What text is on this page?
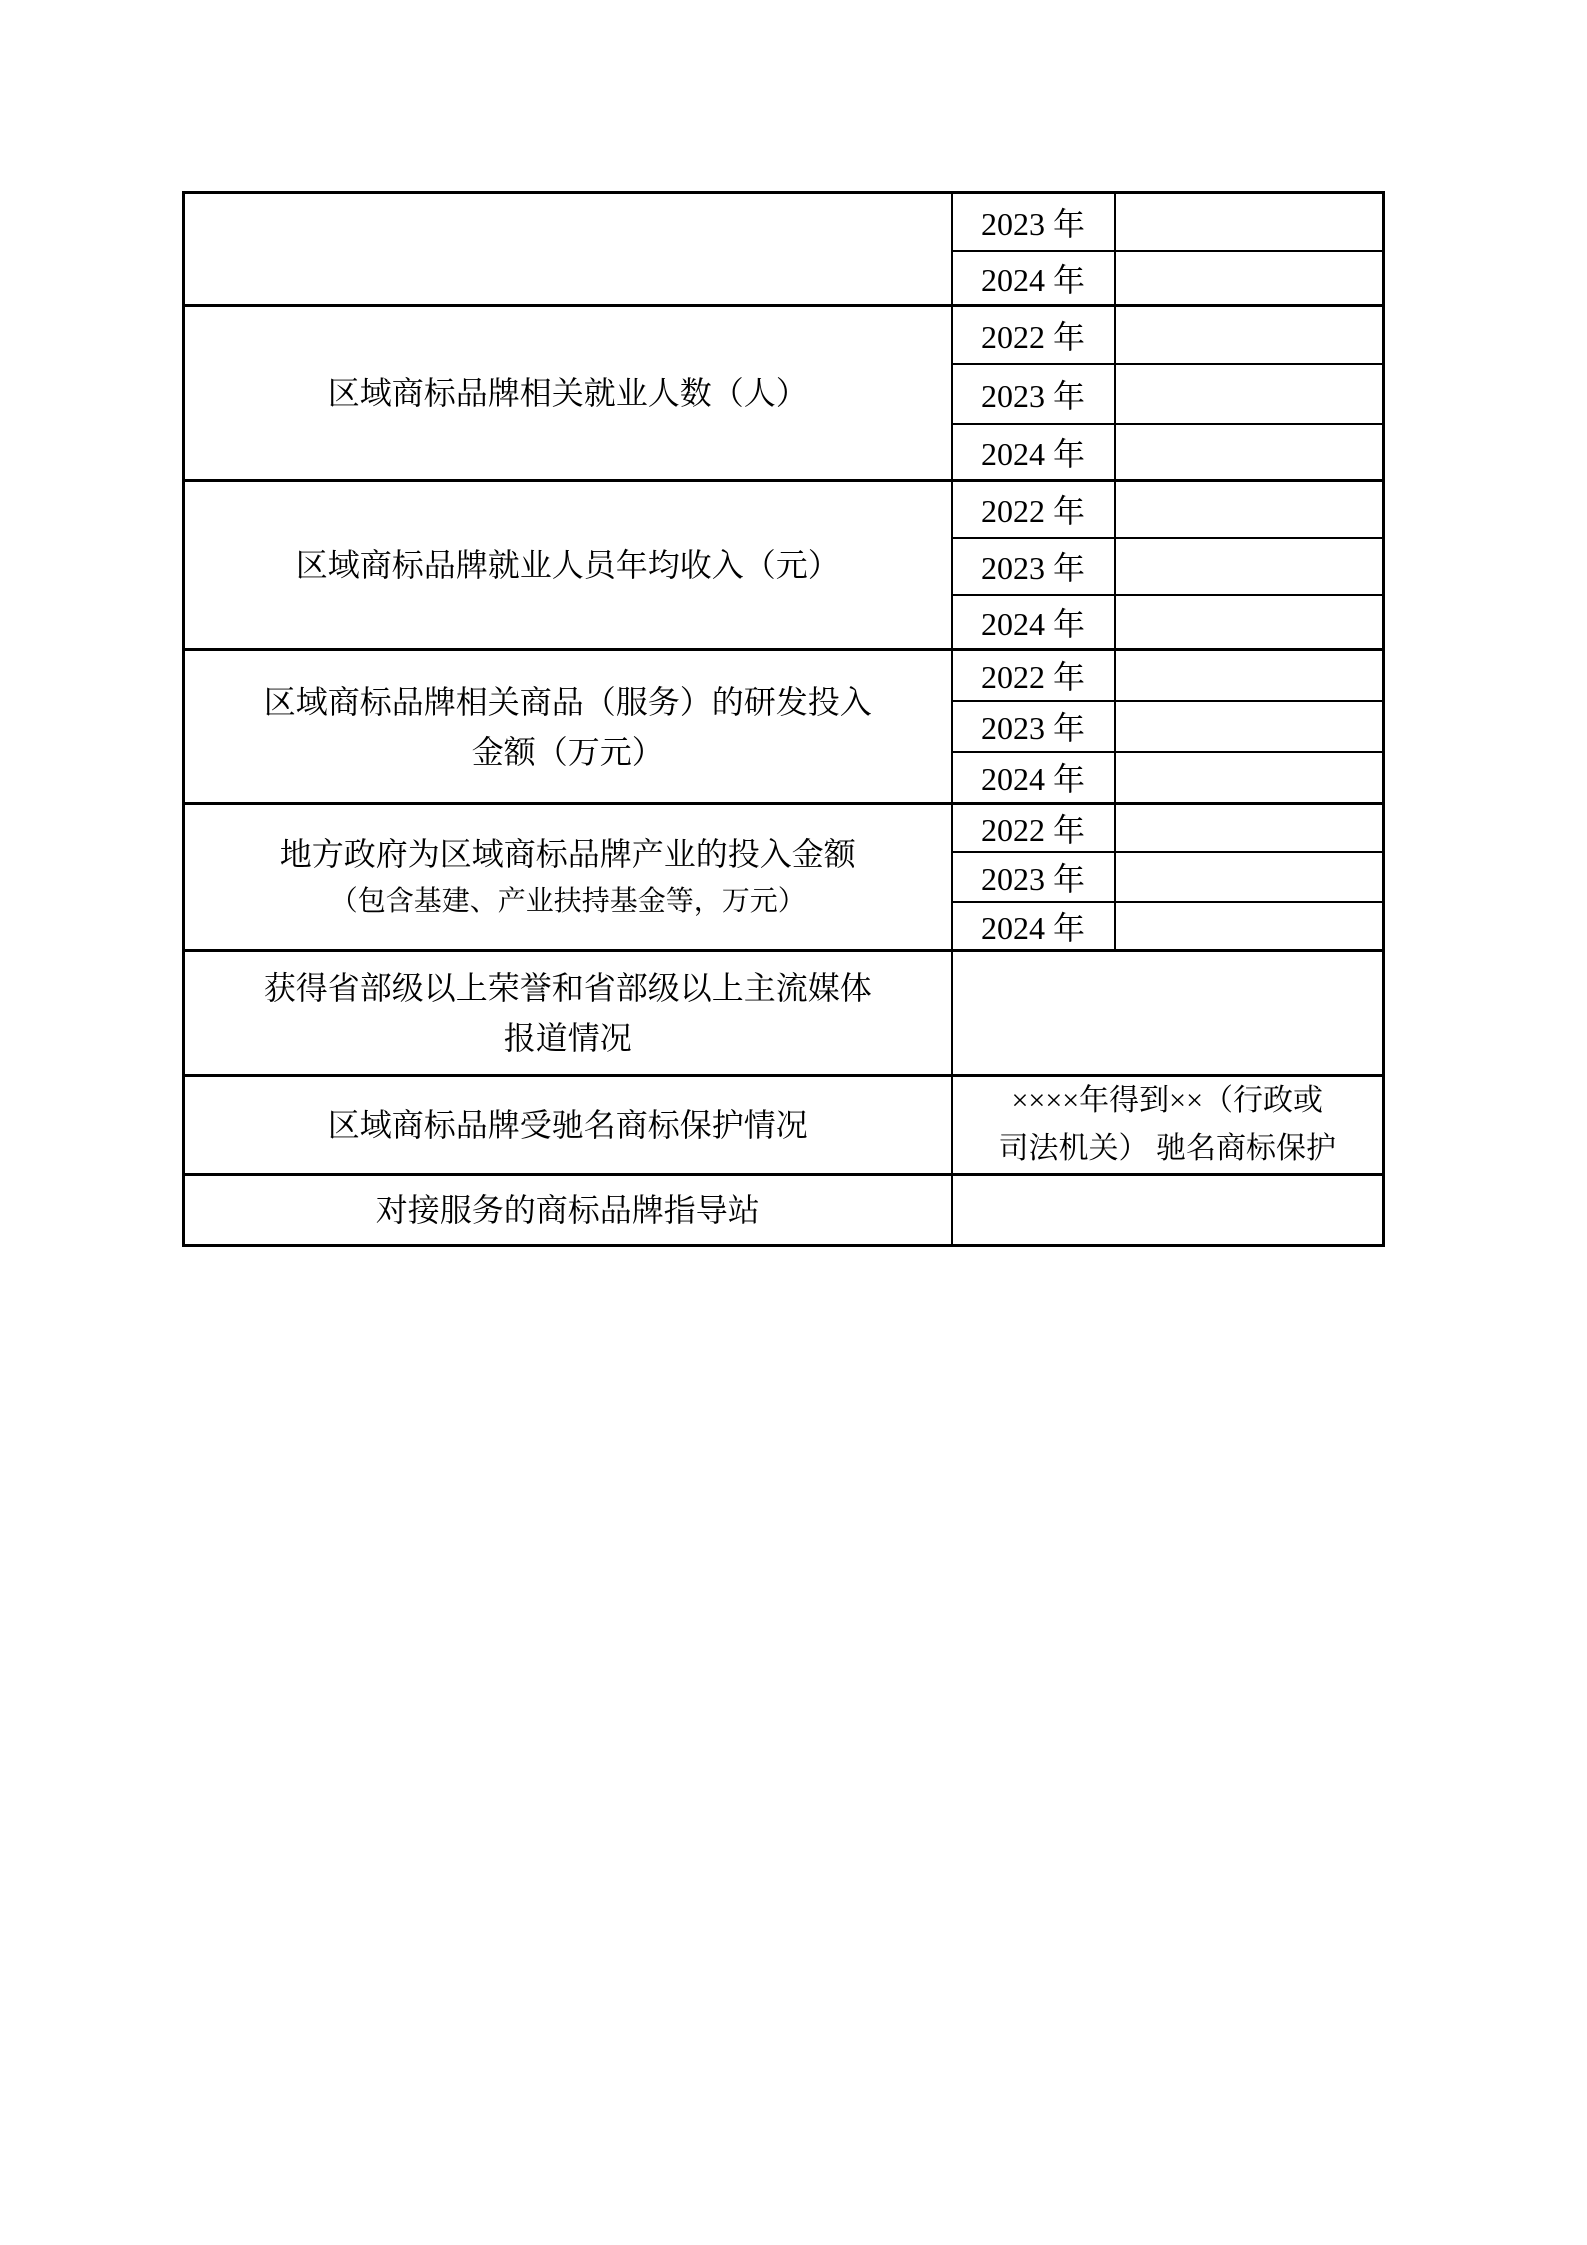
	2023 年	
	2024 年	

区域商标品牌相关就业人数（人）	2022 年	
	2023 年	
	2024 年	

区域商标品牌就业人员年均收入（元）	2022 年	
	2023 年	
	2024 年	

区域商标品牌相关商品（服务）的研发投入
金额（万元）	2022 年	
	2023 年	
	2024 年	

地方政府为区域商标品牌产业的投入金额
（包含基建、产业扶持基金等，万元）	2022 年	
	2023 年	
	2024 年	

获得省部级以上荣誉和省部级以上主流媒体
报道情况		

区域商标品牌受驰名商标保护情况	××××年得到××（行政或
司法机关） 驰名商标保护	

对接服务的商标品牌指导站		
